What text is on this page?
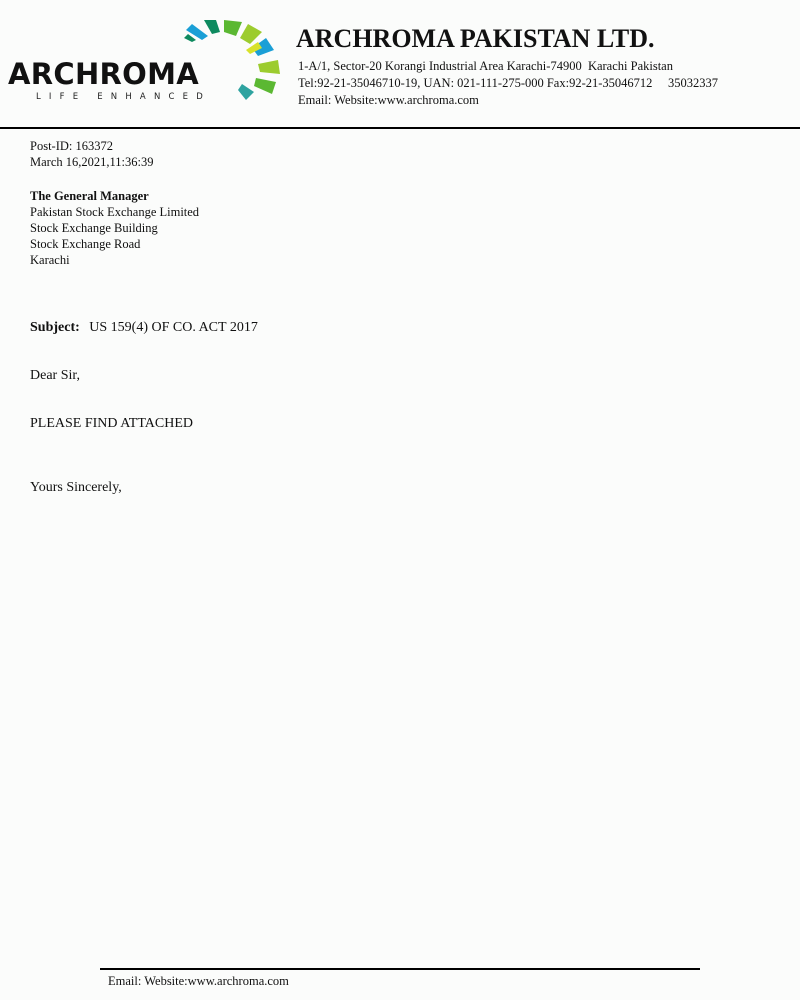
ARCHROMA
LIFE ENHANCED
ARCHROMA PAKISTAN LTD.
1-A/1, Sector-20 Korangi Industrial Area Karachi-74900  Karachi Pakistan
Tel:92-21-35046710-19, UAN: 021-111-275-000 Fax:92-21-35046712     35032337
Email: Website:www.archroma.com
Post-ID: 163372
March 16,2021,11:36:39
The General Manager
Pakistan Stock Exchange Limited
Stock Exchange Building
Stock Exchange Road
Karachi
Subject: US 159(4) OF CO. ACT 2017
Dear Sir,
PLEASE FIND ATTACHED
Yours Sincerely,
Email: Website:www.archroma.com
